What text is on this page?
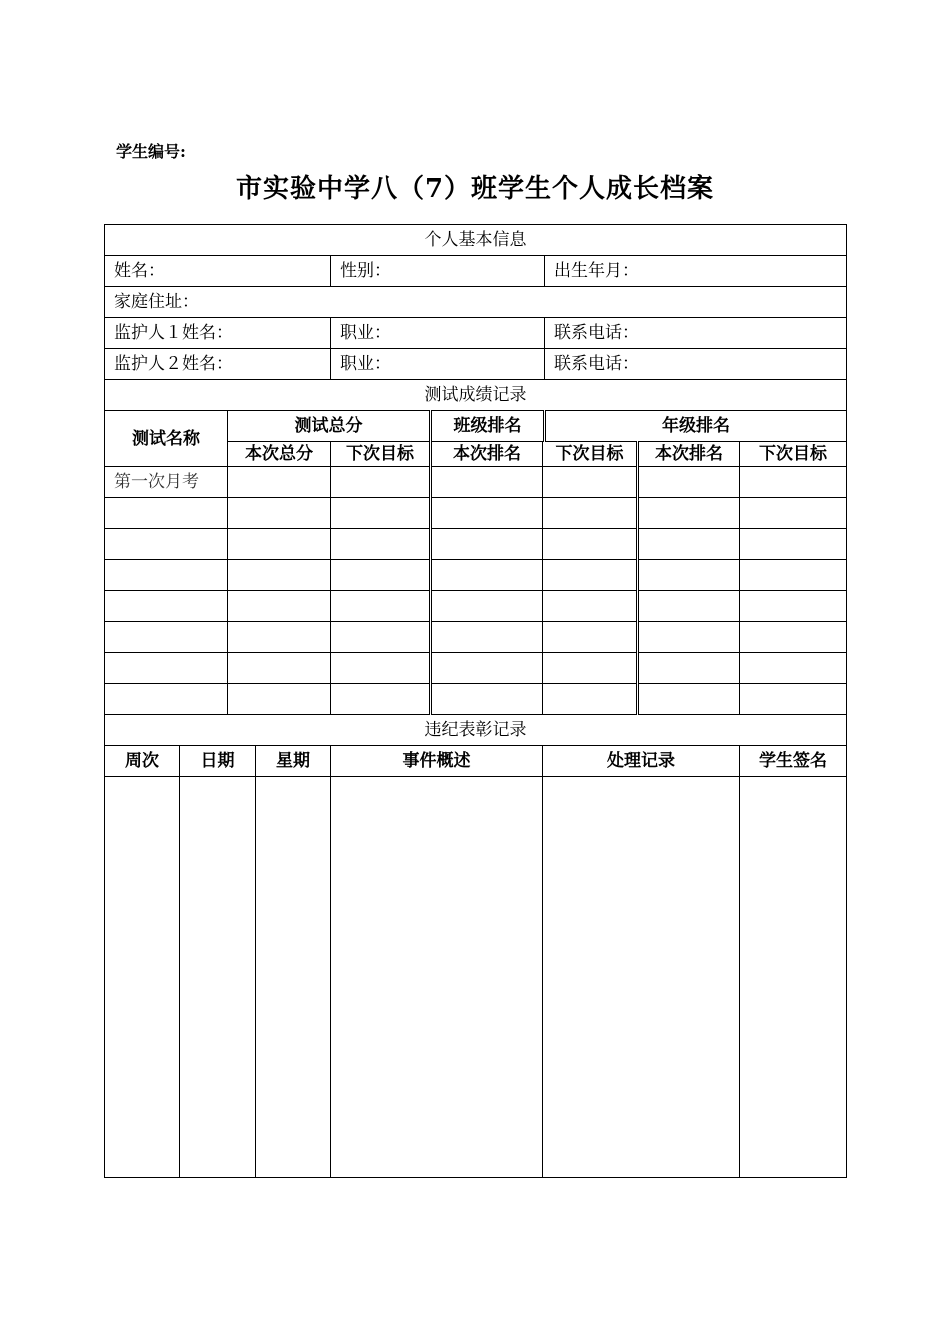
学生编号:
市实验中学八（7）班学生个人成长档案
个人基本信息									
姓名：				性别：			出生年月：		
家庭住址：									
监护人１姓名：				职业：			联系电话：		
监护人２姓名：				职业：			联系电话：		
测试成绩记录									
测试名称		测试总分			班级排名		年级排名		
		本次总分		下次目标	本次排名	下次目标		本次排名	下次目标
第一次月考									

违纪表彰记录									
周次	日期		星期	事件概述		处理记录			学生签名
